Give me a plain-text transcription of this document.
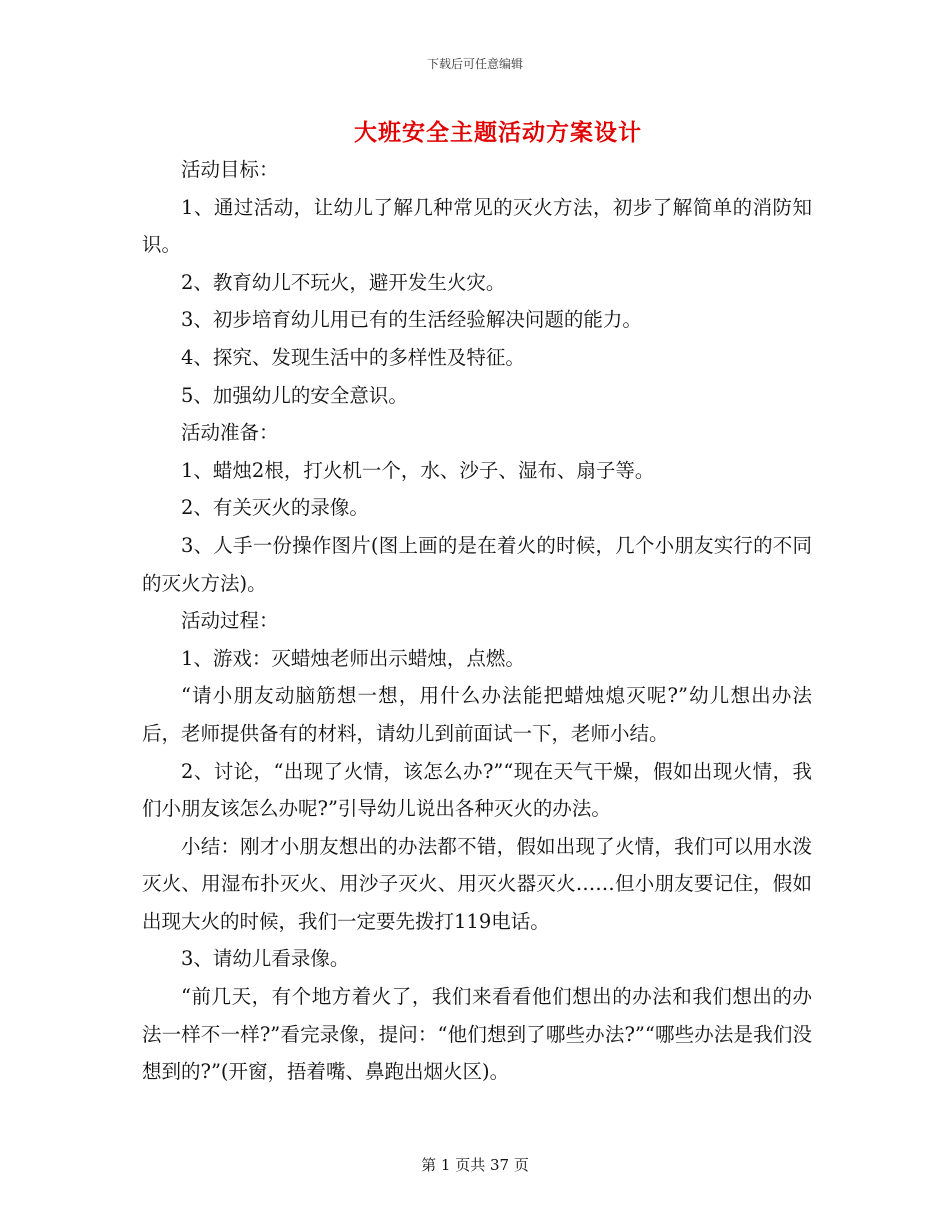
下载后可任意编辑
大班安全主题活动方案设计

活动目标：

1、通过活动，让幼儿了解几种常见的灭火方法，初步了解简单的消防知识。

2、教育幼儿不玩火，避开发生火灾。

3、初步培育幼儿用已有的生活经验解决问题的能力。

4、探究、发现生活中的多样性及特征。

5、加强幼儿的安全意识。

活动准备：

1、蜡烛2根，打火机一个，水、沙子、湿布、扇子等。

2、有关灭火的录像。

3、人手一份操作图片(图上画的是在着火的时候，几个小朋友实行的不同的灭火方法)。

活动过程：

1、游戏：灭蜡烛老师出示蜡烛，点燃。

“请小朋友动脑筋想一想，用什么办法能把蜡烛熄灭呢?”幼儿想出办法后，老师提供备有的材料，请幼儿到前面试一下，老师小结。

2、讨论，“出现了火情，该怎么办?”“现在天气干燥，假如出现火情，我们小朋友该怎么办呢?”引导幼儿说出各种灭火的办法。

小结：刚才小朋友想出的办法都不错，假如出现了火情，我们可以用水泼灭火、用湿布扑灭火、用沙子灭火、用灭火器灭火……但小朋友要记住，假如出现大火的时候，我们一定要先拨打119电话。

3、请幼儿看录像。

“前几天，有个地方着火了，我们来看看他们想出的办法和我们想出的办法一样不一样?”看完录像，提问：“他们想到了哪些办法?”“哪些办法是我们没想到的?”(开窗，捂着嘴、鼻跑出烟火区)。

第 1 页共 37 页
